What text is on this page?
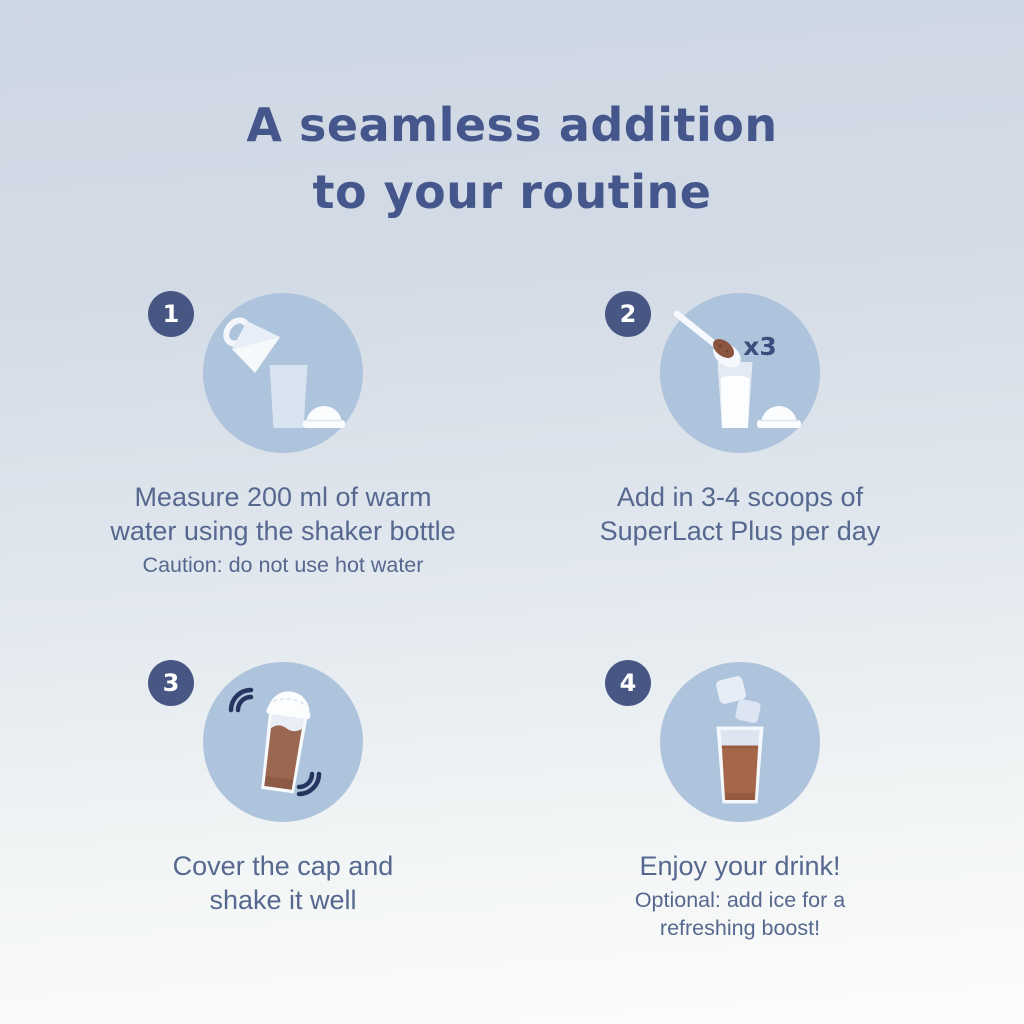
A seamless addition
to your routine
1
Measure 200 ml of warm
water using the shaker bottle
Caution: do not use hot water
2
x3
Add in 3-4 scoops of
SuperLact Plus per day
3
Cover the cap and
shake it well
4
Enjoy your drink!
Optional: add ice for a
refreshing boost!
